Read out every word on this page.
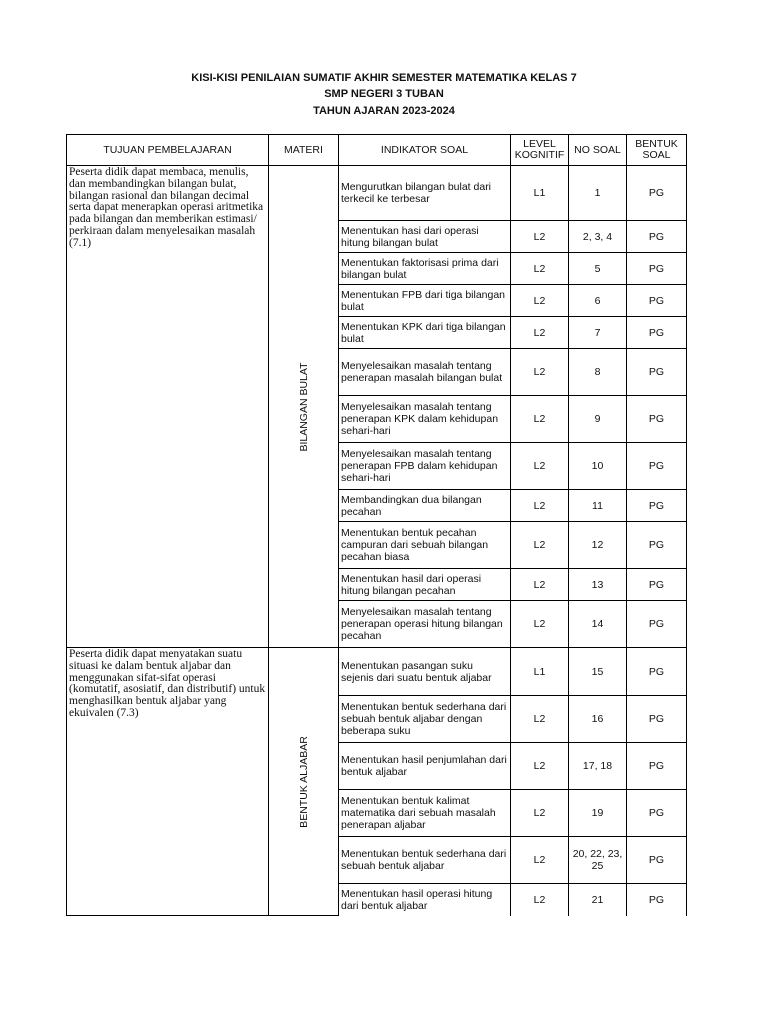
KISI-KISI PENILAIAN SUMATIF AKHIR SEMESTER MATEMATIKA KELAS 7
SMP NEGERI 3 TUBAN
TAHUN AJARAN 2023-2024
TUJUAN PEMBELAJARAN	MATERI	INDIKATOR SOAL	LEVEL KOGNITIF	NO SOAL	BENTUK SOAL
Peserta didik dapat membaca, menulis, dan membandingkan bilangan bulat, bilangan rasional dan bilangan decimal serta dapat menerapkan operasi aritmetika pada bilangan dan memberikan estimasi/ perkiraan dalam menyelesaikan masalah (7.1)	BILANGAN BULAT	Mengurutkan bilangan bulat dari terkecil ke terbesar	L1	1	PG
		Menentukan hasi dari operasi hitung bilangan bulat	L2	2, 3, 4	PG
		Menentukan faktorisasi prima dari bilangan bulat	L2	5	PG
		Menentukan FPB dari tiga bilangan bulat	L2	6	PG
		Menentukan KPK dari tiga bilangan bulat	L2	7	PG
		Menyelesaikan masalah tentang penerapan masalah bilangan bulat	L2	8	PG
		Menyelesaikan masalah tentang penerapan KPK dalam kehidupan sehari-hari	L2	9	PG
		Menyelesaikan masalah tentang penerapan FPB dalam kehidupan sehari-hari	L2	10	PG
		Membandingkan dua bilangan pecahan	L2	11	PG
		Menentukan bentuk pecahan campuran dari sebuah bilangan pecahan biasa	L2	12	PG
		Menentukan hasil dari operasi hitung bilangan pecahan	L2	13	PG
		Menyelesaikan masalah tentang penerapan operasi hitung bilangan pecahan	L2	14	PG
Peserta didik dapat menyatakan suatu situasi ke dalam bentuk aljabar dan menggunakan sifat-sifat operasi (komutatif, asosiatif, dan distributif) untuk menghasilkan bentuk aljabar yang ekuivalen (7.3)	BENTUK ALJABAR	Menentukan pasangan suku sejenis dari suatu bentuk aljabar	L1	15	PG
		Menentukan bentuk sederhana dari sebuah bentuk aljabar dengan beberapa suku	L2	16	PG
		Menentukan hasil penjumlahan dari bentuk aljabar	L2	17, 18	PG
		Menentukan bentuk kalimat matematika dari sebuah masalah penerapan aljabar	L2	19	PG
		Menentukan bentuk sederhana dari sebuah bentuk aljabar	L2	20, 22, 23, 25	PG
		Menentukan hasil operasi hitung dari bentuk aljabar	L2	21	PG
